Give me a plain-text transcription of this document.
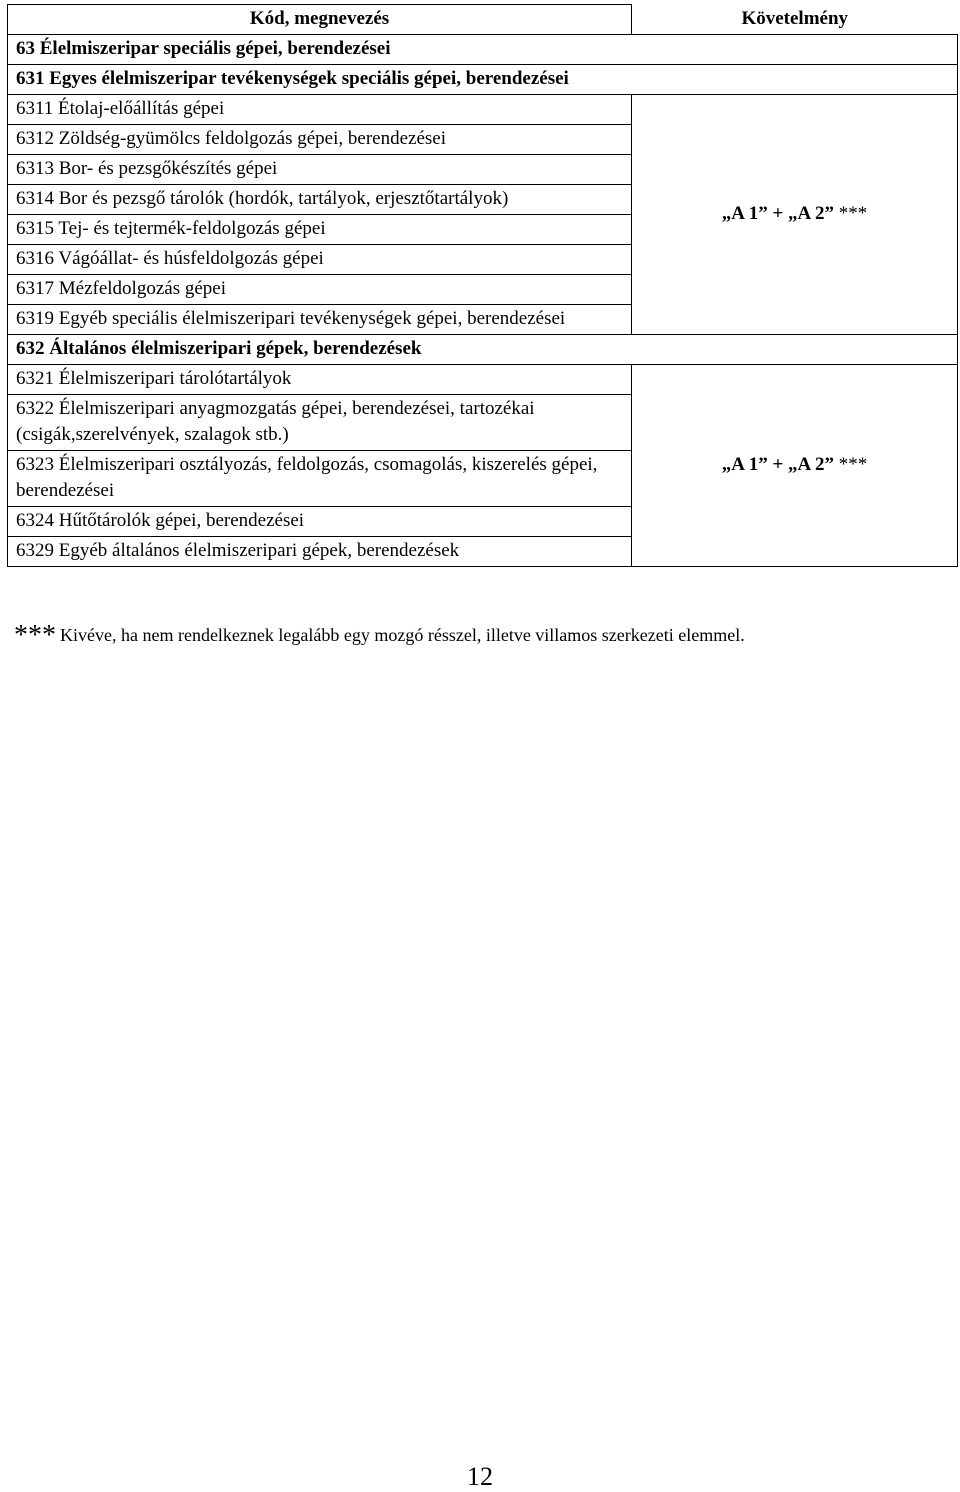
Kód, megnevezés	Követelmény
63 Élelmiszeripar speciális gépei, berendezései	
631 Egyes élelmiszeripar tevékenységek speciális gépei, berendezései	
6311 Étolaj-előállítás gépei	„A 1” + „A 2” ***
6312 Zöldség-gyümölcs feldolgozás gépei, berendezései	
6313 Bor- és pezsgőkészítés gépei	
6314 Bor és pezsgő tárolók (hordók, tartályok, erjesztőtartályok)	
6315 Tej- és tejtermék-feldolgozás gépei	
6316 Vágóállat- és húsfeldolgozás gépei	
6317 Mézfeldolgozás gépei	
6319 Egyéb speciális élelmiszeripari tevékenységek gépei, berendezései	
632 Általános élelmiszeripari gépek, berendezések	
6321 Élelmiszeripari tárolótartályok	„A 1” + „A 2” ***
6322 Élelmiszeripari anyagmozgatás gépei, berendezései, tartozékai (csigák,szerelvények, szalagok stb.)	
6323 Élelmiszeripari osztályozás, feldolgozás, csomagolás, kiszerelés gépei, berendezései	
6324 Hűtőtárolók gépei, berendezései	
6329 Egyéb általános élelmiszeripari gépek, berendezések	
*** Kivéve, ha nem rendelkeznek legalább egy mozgó résszel, illetve villamos szerkezeti elemmel.
12
